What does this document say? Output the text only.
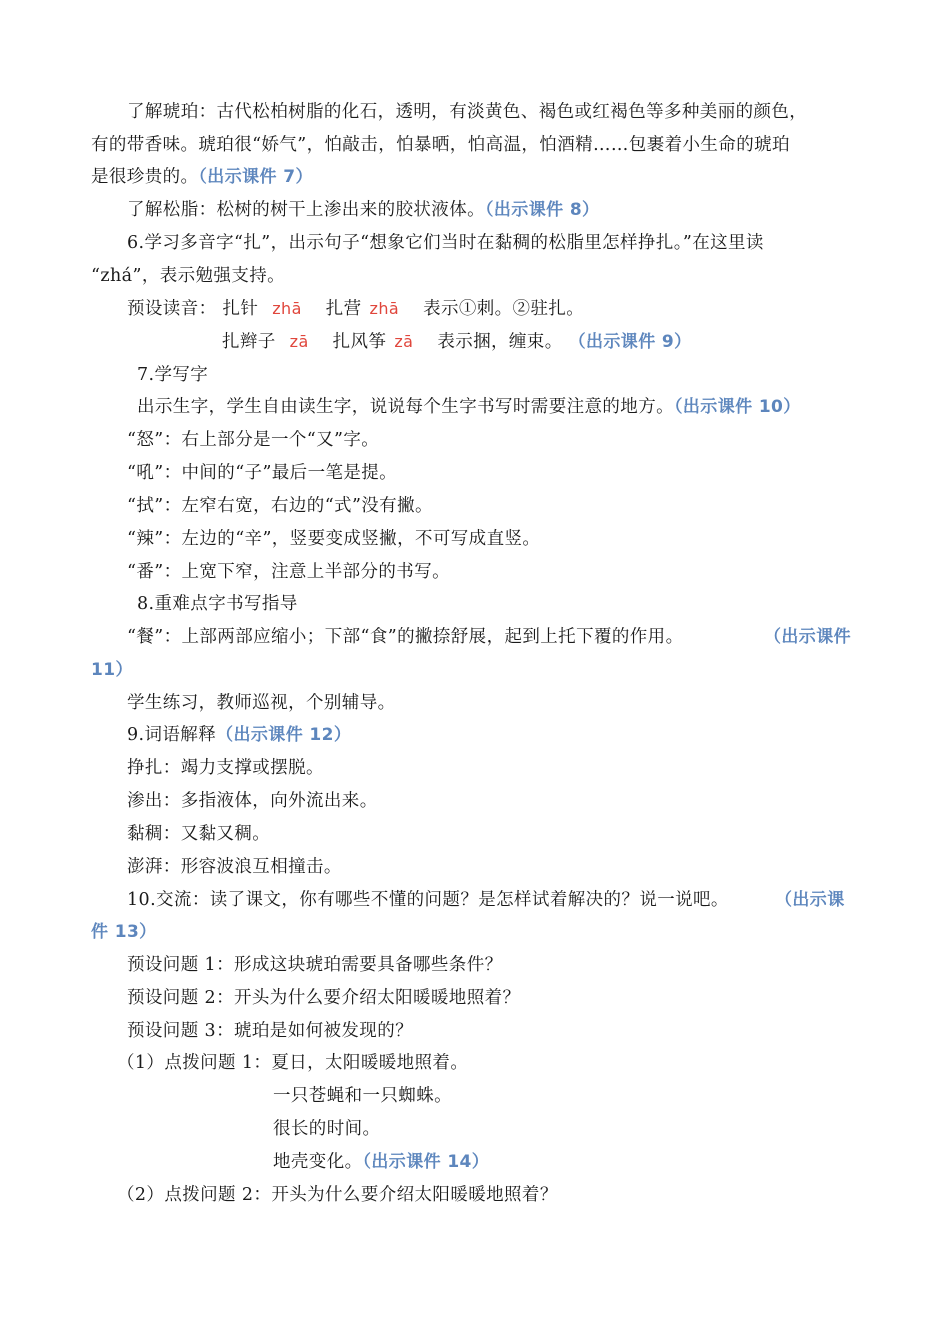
了解琥珀：古代松柏树脂的化石，透明，有淡黄色、褐色或红褐色等多种美丽的颜色，
有的带香味。琥珀很“娇气”，怕敲击，怕暴晒，怕高温，怕酒精……包裹着小生命的琥珀
是很珍贵的。（出示课件 7）
了解松脂：松树的树干上渗出来的胶状液体。（出示课件 8）
6.学习多音字“扎”，出示句子“想象它们当时在黏稠的松脂里怎样挣扎。”在这里读
“zhá”，表示勉强支持。
预设读音： 扎针 zhā 扎营 zhā 表示①刺。②驻扎。
扎辫子 zā 扎风筝 zā 表示捆，缠束。 （出示课件 9）
7.学写字
出示生字，学生自由读生字，说说每个生字书写时需要注意的地方。（出示课件 10）
“怒”：右上部分是一个“又”字。
“吼”：中间的“子”最后一笔是提。
“拭”：左窄右宽，右边的“式”没有撇。
“辣”：左边的“辛”，竖要变成竖撇，不可写成直竖。
“番”：上宽下窄，注意上半部分的书写。
8.重难点字书写指导
“餐”：上部两部应缩小；下部“食”的撇捺舒展，起到上托下覆的作用。	（出示课件
11）
学生练习，教师巡视，个别辅导。
9.词语解释（出示课件 12）
挣扎：竭力支撑或摆脱。
渗出：多指液体，向外流出来。
黏稠：又黏又稠。
澎湃：形容波浪互相撞击。
10.交流：读了课文，你有哪些不懂的问题？是怎样试着解决的？说一说吧。	（出示课
件 13）
预设问题 1：形成这块琥珀需要具备哪些条件？
预设问题 2：开头为什么要介绍太阳暖暖地照着？
预设问题 3：琥珀是如何被发现的？
（1）点拨问题 1：夏日，太阳暖暖地照着。
一只苍蝇和一只蜘蛛。
很长的时间。
地壳变化。（出示课件 14）
（2）点拨问题 2：开头为什么要介绍太阳暖暖地照着？
